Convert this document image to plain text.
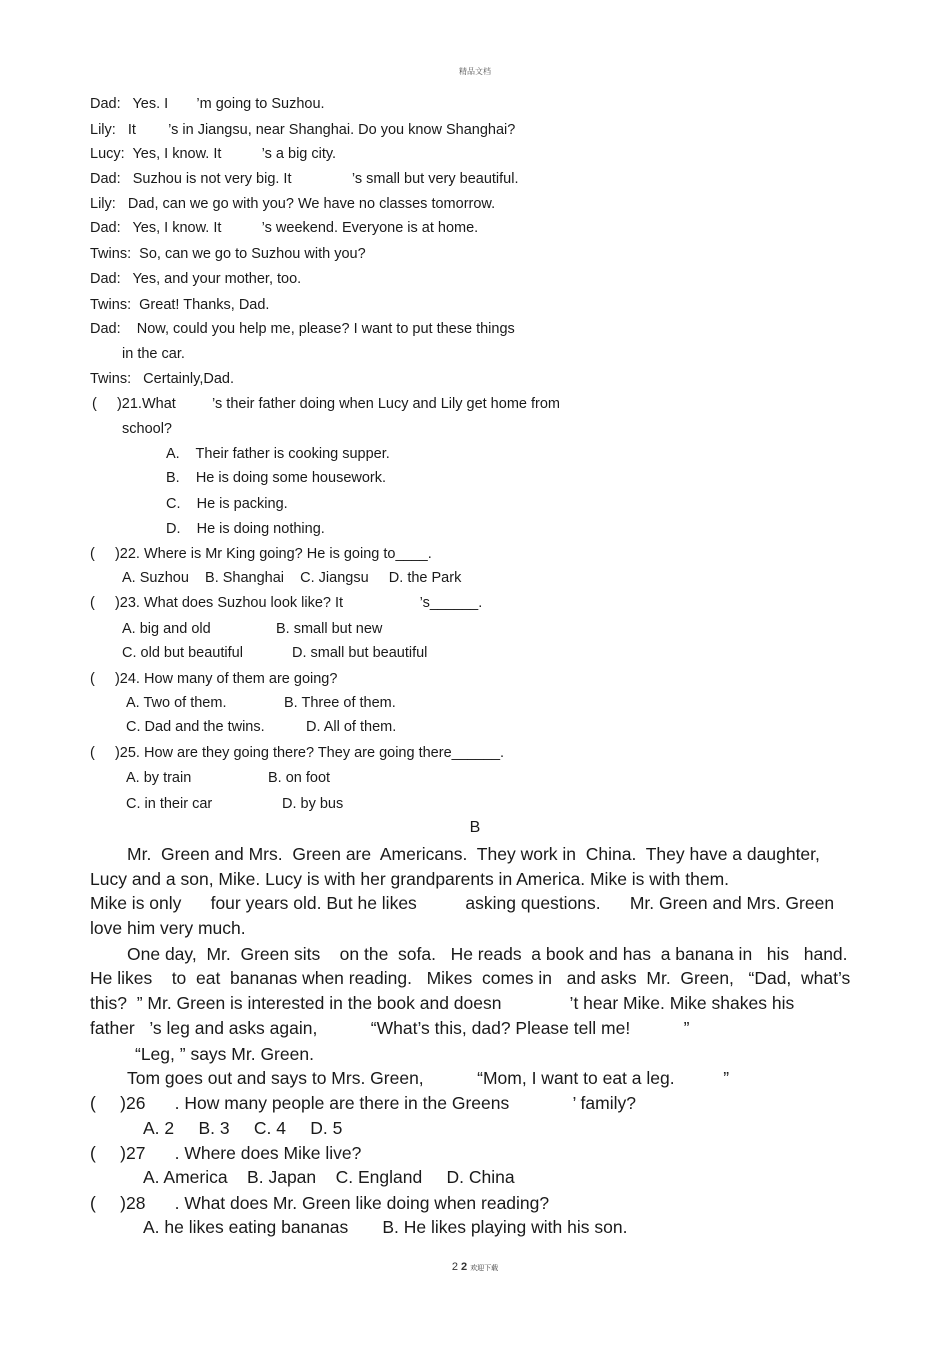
精品文档
Dad:   Yes. I       ’m going to Suzhou.
Lily:   It        ’s in Jiangsu, near Shanghai. Do you know Shanghai?
Lucy:  Yes, I know. It          ’s a big city.
Dad:   Suzhou is not very big. It               ’s small but very beautiful.
Lily:   Dad, can we go with you? We have no classes tomorrow.
Dad:   Yes, I know. It          ’s weekend. Everyone is at home.
Twins:  So, can we go to Suzhou with you?
Dad:   Yes, and your mother, too.
Twins:  Great! Thanks, Dad.
Dad:    Now, could you help me, please? I want to put these things
in the car.
Twins:   Certainly,Dad.
(     )21.What         ’s their father doing when Lucy and Lily get home from
school?
A.    Their father is cooking supper.
B.    He is doing some housework.
C.    He is packing.
D.    He is doing nothing.
(     )22. Where is Mr King going? He is going to____.
A. Suzhou    B. Shanghai    C. Jiangsu     D. the Park
(     )23. What does Suzhou look like? It                   ’s______.
A. big and old	B. small but new
C. old but beautiful	D. small but beautiful
(     )24. How many of them are going?
A. Two of them.	B. Three of them.
C. Dad and the twins.	D. All of them.
(     )25. How are they going there? They are going there______.
A. by train	B. on foot
C. in their car	D. by bus
B
Mr.  Green and Mrs.  Green are  Americans.  They work in  China.  They have a daughter,
Lucy and a son, Mike. Lucy is with her grandparents in America. Mike is with them.
Mike is only      four years old. But he likes          asking questions.      Mr. Green and Mrs. Green
love him very much.
One day,  Mr.  Green sits    on the  sofa.   He reads  a book and has  a banana in   his   hand.
He likes    to  eat  bananas when reading.   Mikes  comes in   and asks  Mr.  Green,   “Dad,  what’s
this?  ” Mr. Green is interested in the book and doesn              ’t hear Mike. Mike shakes his
father   ’s leg and asks again,           “What’s this, dad? Please tell me!           ”
“Leg, ” says Mr. Green.
Tom goes out and says to Mrs. Green,           “Mom, I want to eat a leg.          ”
(     )26      . How many people are there in the Greens             ’ family?
A. 2     B. 3     C. 4     D. 5
(     )27      . Where does Mike live?
A. America    B. Japan    C. England     D. China
(     )28      . What does Mr. Green like doing when reading?
A. he likes eating bananas       B. He likes playing with his son.
2 2 欢迎下载
